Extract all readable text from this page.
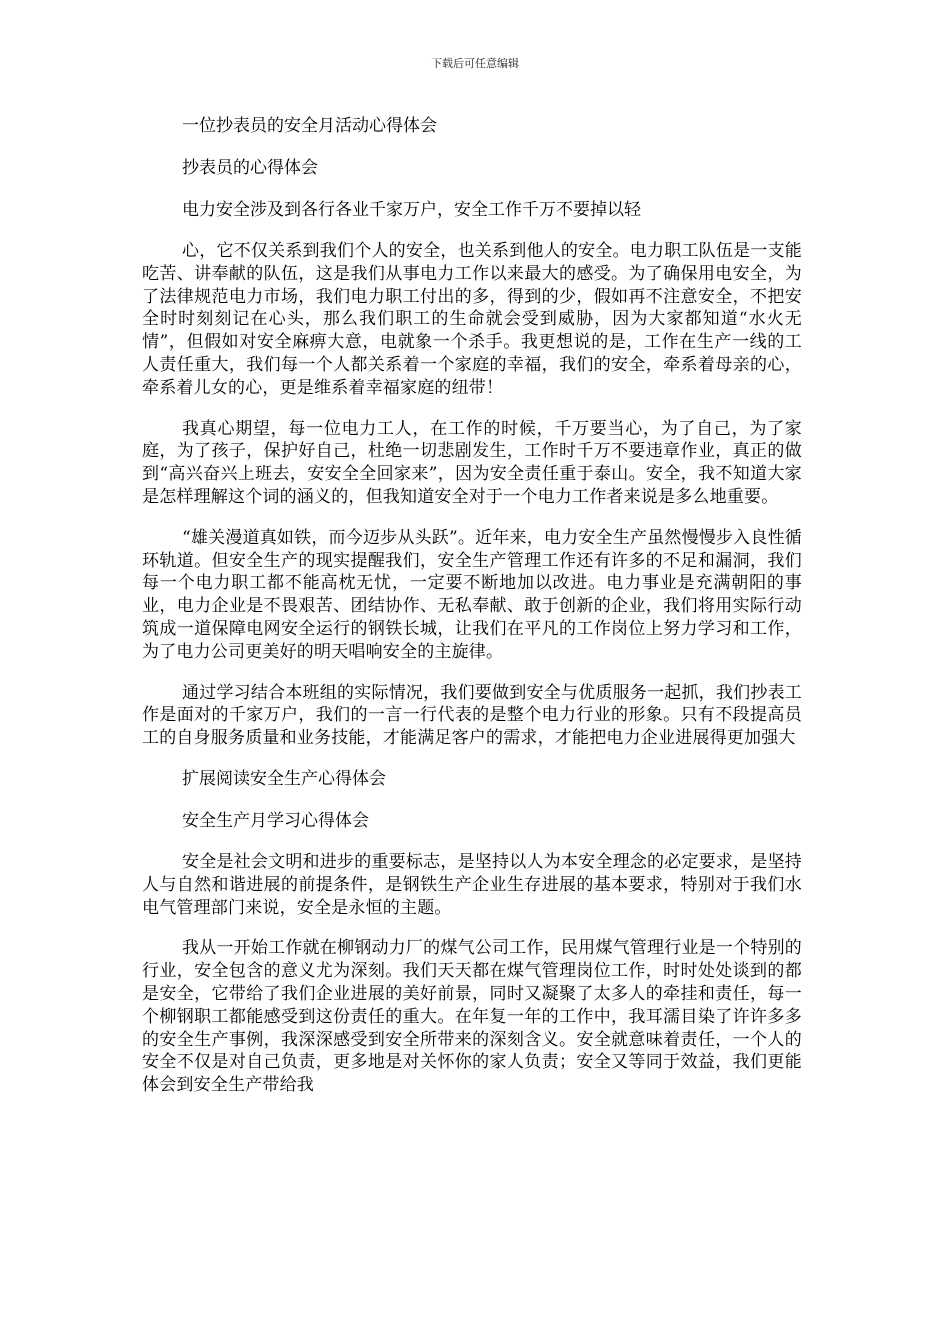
下载后可任意编辑

一位抄表员的安全月活动心得体会

抄表员的心得体会

电力安全涉及到各行各业千家万户，安全工作千万不要掉以轻

心，它不仅关系到我们个人的安全，也关系到他人的安全。电力职工队伍是一支能吃苦、讲奉献的队伍，这是我们从事电力工作以来最大的感受。为了确保用电安全，为了法律规范电力市场，我们电力职工付出的多，得到的少，假如再不注意安全，不把安全时时刻刻记在心头，那么我们职工的生命就会受到威胁，因为大家都知道“水火无情”，但假如对安全麻痹大意，电就象一个杀手。我更想说的是，工作在生产一线的工人责任重大，我们每一个人都关系着一个家庭的幸福，我们的安全，牵系着母亲的心，牵系着儿女的心，更是维系着幸福家庭的纽带！

我真心期望，每一位电力工人，在工作的时候，千万要当心，为了自己，为了家庭，为了孩子，保护好自己，杜绝一切悲剧发生，工作时千万不要违章作业，真正的做到“高兴奋兴上班去，安安全全回家来”，因为安全责任重于泰山。安全，我不知道大家是怎样理解这个词的涵义的，但我知道安全对于一个电力工作者来说是多么地重要。

“雄关漫道真如铁，而今迈步从头跃”。近年来，电力安全生产虽然慢慢步入良性循环轨道。但安全生产的现实提醒我们，安全生产管理工作还有许多的不足和漏洞，我们每一个电力职工都不能高枕无忧，一定要不断地加以改进。电力事业是充满朝阳的事业，电力企业是不畏艰苦、团结协作、无私奉献、敢于创新的企业，我们将用实际行动筑成一道保障电网安全运行的钢铁长城，让我们在平凡的工作岗位上努力学习和工作，为了电力公司更美好的明天唱响安全的主旋律。

通过学习结合本班组的实际情况，我们要做到安全与优质服务一起抓，我们抄表工作是面对的千家万户，我们的一言一行代表的是整个电力行业的形象。只有不段提高员工的自身服务质量和业务技能，才能满足客户的需求，才能把电力企业进展得更加强大

扩展阅读安全生产心得体会

安全生产月学习心得体会

安全是社会文明和进步的重要标志，是坚持以人为本安全理念的必定要求，是坚持人与自然和谐进展的前提条件，是钢铁生产企业生存进展的基本要求，特别对于我们水电气管理部门来说，安全是永恒的主题。

我从一开始工作就在柳钢动力厂的煤气公司工作，民用煤气管理行业是一个特别的行业，安全包含的意义尤为深刻。我们天天都在煤气管理岗位工作，时时处处谈到的都是安全，它带给了我们企业进展的美好前景，同时又凝聚了太多人的牵挂和责任，每一个柳钢职工都能感受到这份责任的重大。在年复一年的工作中，我耳濡目染了许许多多的安全生产事例，我深深感受到安全所带来的深刻含义。安全就意味着责任，一个人的安全不仅是对自己负责，更多地是对关怀你的家人负责；安全又等同于效益，我们更能体会到安全生产带给我
